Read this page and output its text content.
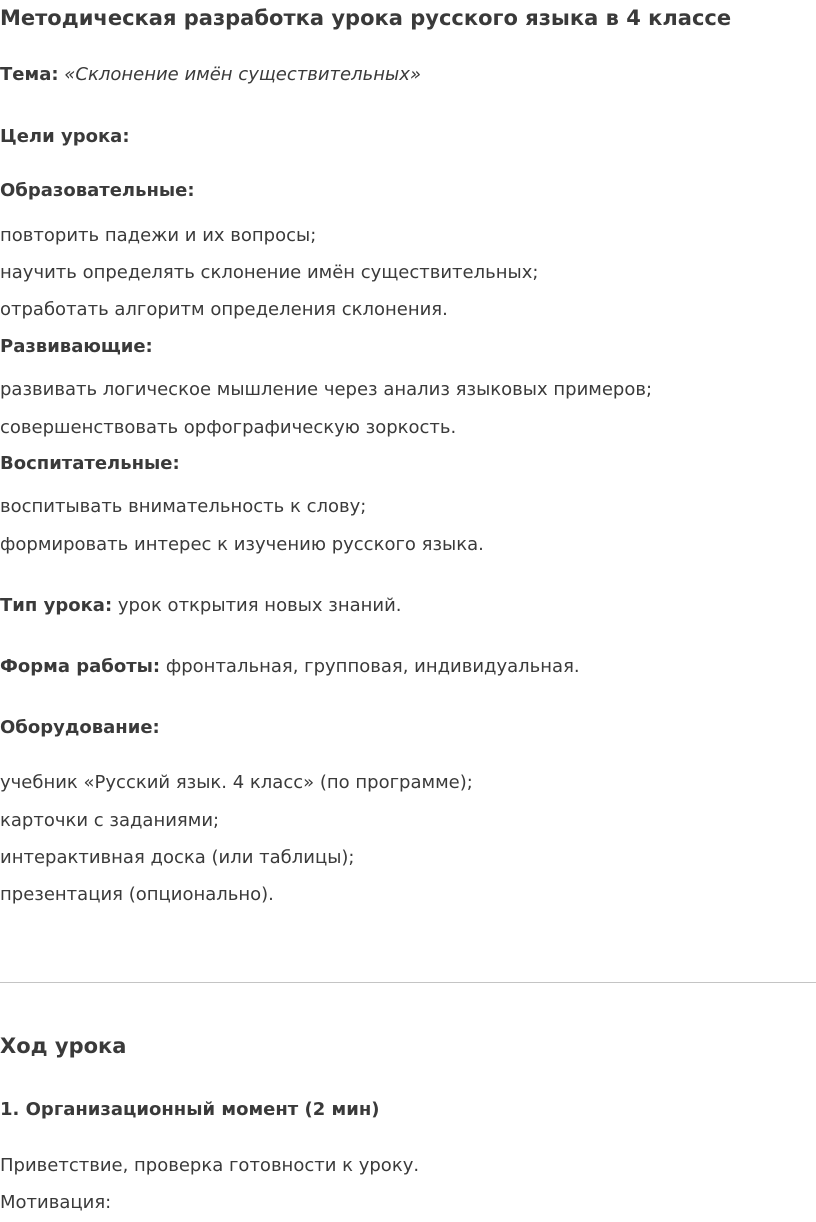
Методическая разработка урока русского языка в 4 классе
Тема: «Склонение имён существительных»
Цели урока:
Образовательные:
повторить падежи и их вопросы;
научить определять склонение имён существительных;
отработать алгоритм определения склонения.
Развивающие:
развивать логическое мышление через анализ языковых примеров;
совершенствовать орфографическую зоркость.
Воспитательные:
воспитывать внимательность к слову;
формировать интерес к изучению русского языка.
Тип урока: урок открытия новых знаний.
Форма работы: фронтальная, групповая, индивидуальная.
Оборудование:
учебник «Русский язык. 4 класс» (по программе);
карточки с заданиями;
интерактивная доска (или таблицы);
презентация (опционально).
Ход урока
1. Организационный момент (2 мин)
Приветствие, проверка готовности к уроку.
Мотивация:
